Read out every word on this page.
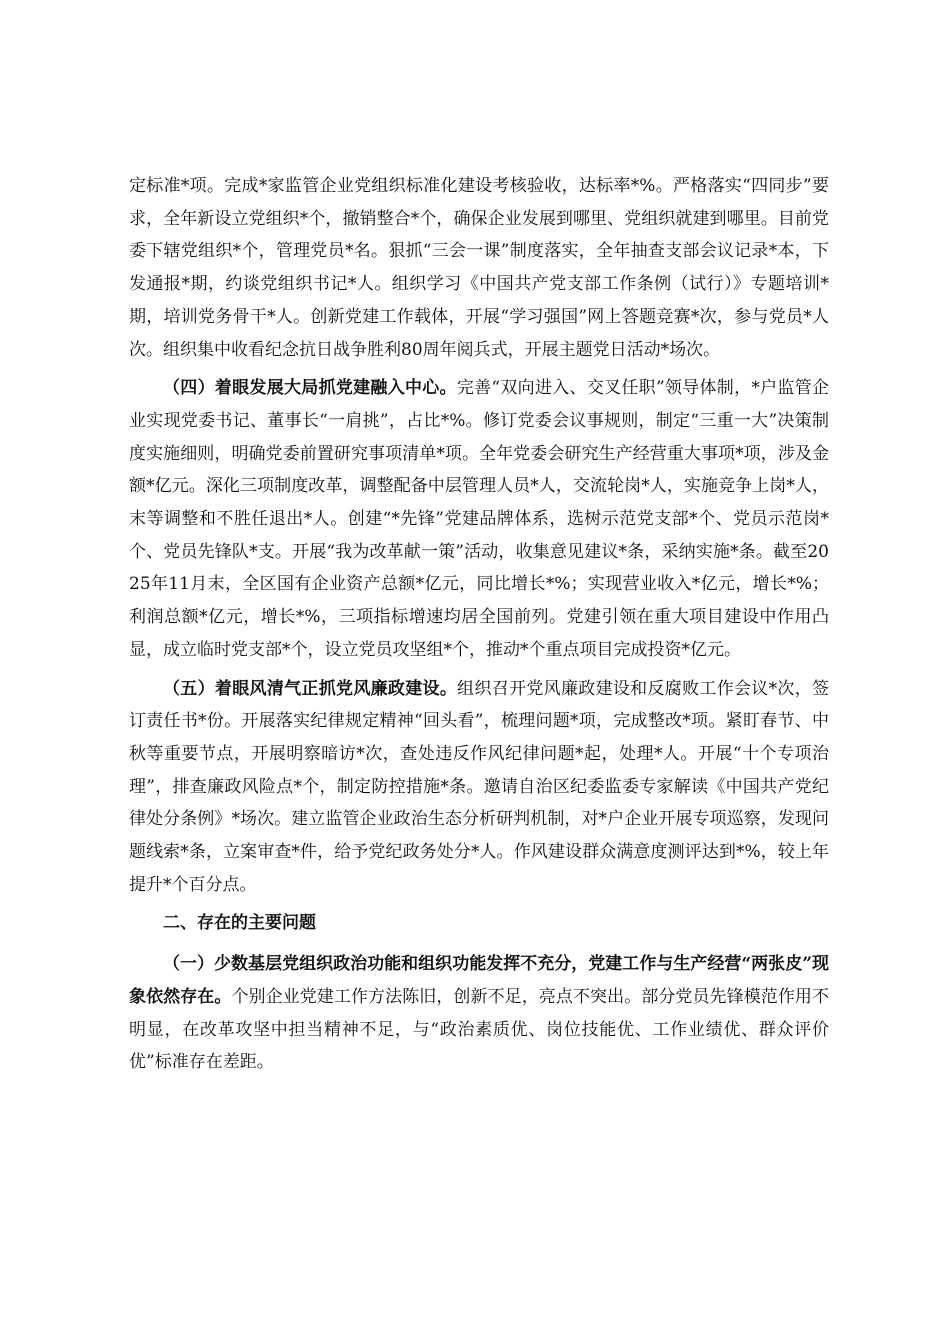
定标准*项。完成*家监管企业党组织标准化建设考核验收，达标率*%。严格落实“四同步”要求，全年新设立党组织*个，撤销整合*个，确保企业发展到哪里、党组织就建到哪里。目前党委下辖党组织*个，管理党员*名。狠抓“三会一课”制度落实，全年抽查支部会议记录*本，下发通报*期，约谈党组织书记*人。组织学习《中国共产党支部工作条例（试行）》专题培训*期，培训党务骨干*人。创新党建工作载体，开展“学习强国”网上答题竞赛*次，参与党员*人次。组织集中收看纪念抗日战争胜利80周年阅兵式，开展主题党日活动*场次。

（四）着眼发展大局抓党建融入中心。完善“双向进入、交叉任职”领导体制，*户监管企业实现党委书记、董事长“一肩挑”，占比*%。修订党委会议事规则，制定“三重一大”决策制度实施细则，明确党委前置研究事项清单*项。全年党委会研究生产经营重大事项*项，涉及金额*亿元。深化三项制度改革，调整配备中层管理人员*人，交流轮岗*人，实施竞争上岗*人，末等调整和不胜任退出*人。创建“*先锋”党建品牌体系，选树示范党支部*个、党员示范岗*个、党员先锋队*支。开展“我为改革献一策”活动，收集意见建议*条，采纳实施*条。截至2025年11月末，全区国有企业资产总额*亿元，同比增长*%；实现营业收入*亿元，增长*%；利润总额*亿元，增长*%，三项指标增速均居全国前列。党建引领在重大项目建设中作用凸显，成立临时党支部*个，设立党员攻坚组*个，推动*个重点项目完成投资*亿元。

（五）着眼风清气正抓党风廉政建设。组织召开党风廉政建设和反腐败工作会议*次，签订责任书*份。开展落实纪律规定精神“回头看”，梳理问题*项，完成整改*项。紧盯春节、中秋等重要节点，开展明察暗访*次，查处违反作风纪律问题*起，处理*人。开展“十个专项治理”，排查廉政风险点*个，制定防控措施*条。邀请自治区纪委监委专家解读《中国共产党纪律处分条例》*场次。建立监管企业政治生态分析研判机制，对*户企业开展专项巡察，发现问题线索*条，立案审查*件，给予党纪政务处分*人。作风建设群众满意度测评达到*%，较上年提升*个百分点。

二、存在的主要问题

（一）少数基层党组织政治功能和组织功能发挥不充分，党建工作与生产经营“两张皮”现象依然存在。个别企业党建工作方法陈旧，创新不足，亮点不突出。部分党员先锋模范作用不明显，在改革攻坚中担当精神不足，与“政治素质优、岗位技能优、工作业绩优、群众评价优”标准存在差距。
